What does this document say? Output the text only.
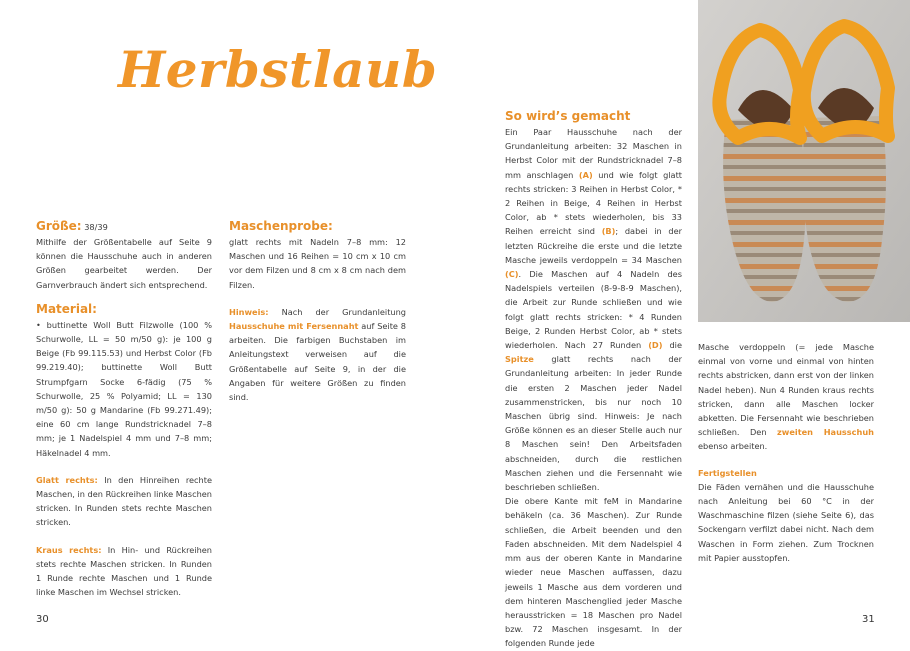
Herbstlaub

Größe: 38/39

Mithilfe der Größentabelle auf Seite 9 können die Hausschuhe auch in anderen Größen gearbeitet werden. Der Garnverbrauch ändert sich entsprechend.

Material:

• buttinette Woll Butt Filzwolle (100 % Schurwolle, LL = 50 m/50 g): je 100 g Beige (Fb 99.115.53) und Herbst Color (Fb 99.219.40); buttinette Woll Butt Strumpfgarn Socke 6-fädig (75 % Schurwolle, 25 % Polyamid; LL = 130 m/50 g): 50 g Mandarine (Fb 99.271.49); eine 60 cm lange Rundstricknadel 7–8 mm; je 1 Nadelspiel 4 mm und 7–8 mm; Häkelnadel 4 mm.

Glatt rechts: In den Hinreihen rechte Maschen, in den Rückreihen linke Maschen stricken. In Runden stets rechte Maschen stricken.

Kraus rechts: In Hin- und Rückreihen stets rechte Maschen stricken. In Runden 1 Runde rechte Maschen und 1 Runde linke Maschen im Wechsel stricken.

Maschenprobe:

glatt rechts mit Nadeln 7–8 mm: 12 Maschen und 16 Reihen = 10 cm x 10 cm vor dem Filzen und 8 cm x 8 cm nach dem Filzen.

Hinweis: Nach der Grundanleitung Hausschuhe mit Fersennaht auf Seite 8 arbeiten. Die farbigen Buchstaben im Anleitungstext verweisen auf die Größentabelle auf Seite 9, in der die Angaben für weitere Größen zu finden sind.

30

So wird’s gemacht

Ein Paar Hausschuhe nach der Grundanleitung arbeiten: 32 Maschen in Herbst Color mit der Rundstricknadel 7–8 mm anschlagen (A) und wie folgt glatt rechts stricken: 3 Reihen in Herbst Color, * 2 Reihen in Beige, 4 Reihen in Herbst Color, ab * stets wiederholen, bis 33 Reihen erreicht sind (B); dabei in der letzten Rückreihe die erste und die letzte Masche jeweils verdoppeln = 34 Maschen (C). Die Maschen auf 4 Nadeln des Nadelspiels verteilen (8-9-8-9 Maschen), die Arbeit zur Runde schließen und wie folgt glatt rechts stricken: * 4 Runden Beige, 2 Runden Herbst Color, ab * stets wiederholen. Nach 27 Runden (D) die Spitze glatt rechts nach der Grundanleitung arbeiten: In jeder Runde die ersten 2 Maschen jeder Nadel zusammenstricken, bis nur noch 10 Maschen übrig sind. Hinweis: Je nach Größe können es an dieser Stelle auch nur 8 Maschen sein! Den Arbeitsfaden abschneiden, durch die restlichen Maschen ziehen und die Fersennaht wie beschrieben schließen.

Die obere Kante mit feM in Mandarine behäkeln (ca. 36 Maschen). Zur Runde schließen, die Arbeit beenden und den Faden abschneiden. Mit dem Nadelspiel 4 mm aus der oberen Kante in Mandarine wieder neue Maschen auffassen, dazu jeweils 1 Masche aus dem vorderen und dem hinteren Maschenglied jeder Masche herausstricken = 18 Maschen pro Nadel bzw. 72 Maschen insgesamt. In der folgenden Runde jede

Masche verdoppeln (= jede Masche einmal von vorne und einmal von hinten rechts abstricken, dann erst von der linken Nadel heben). Nun 4 Runden kraus rechts stricken, dann alle Maschen locker abketten. Die Fersennaht wie beschrieben schließen. Den zweiten Hausschuh ebenso arbeiten.

Fertigstellen

Die Fäden vernähen und die Hausschuhe nach Anleitung bei 60 °C in der Waschmaschine filzen (siehe Seite 6), das Sockengarn verfilzt dabei nicht. Nach dem Waschen in Form ziehen. Zum Trocknen mit Papier ausstopfen.

31
